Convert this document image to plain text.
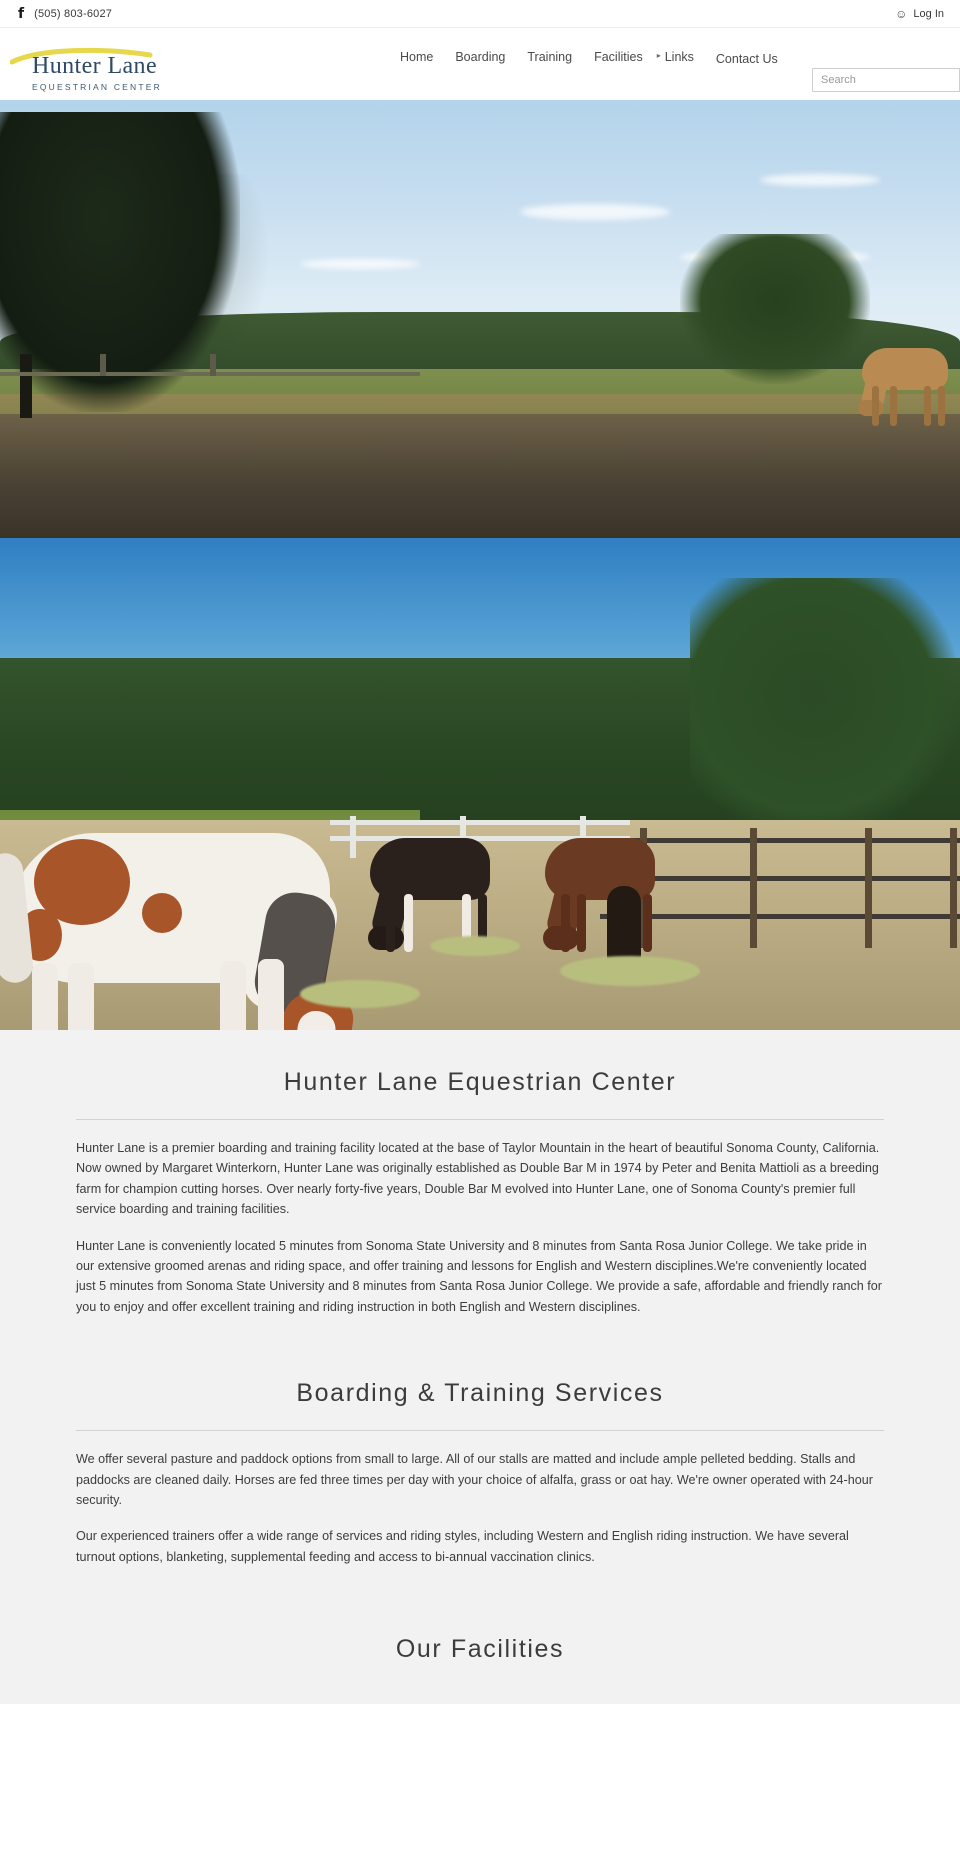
f (505) 803-6027	☺ Log In
Hunter Lane
EQUESTRIAN CENTER
Home Boarding Training Facilities ▸ Links Contact Us
Search
Hunter Lane Equestrian Center

Hunter Lane is a premier boarding and training facility located at the base of Taylor Mountain in the heart of beautiful Sonoma County, California. Now owned by Margaret Winterkorn, Hunter Lane was originally established as Double Bar M in 1974 by Peter and Benita Mattioli as a breeding farm for champion cutting horses. Over nearly forty-five years, Double Bar M evolved into Hunter Lane, one of Sonoma County's premier full service boarding and training facilities.

Hunter Lane is conveniently located 5 minutes from Sonoma State University and 8 minutes from Santa Rosa Junior College. We take pride in our extensive groomed arenas and riding space, and offer training and lessons for English and Western disciplines.We're conveniently located just 5 minutes from Sonoma State University and 8 minutes from Santa Rosa Junior College. We provide a safe, affordable and friendly ranch for you to enjoy and offer excellent training and riding instruction in both English and Western disciplines.

Boarding & Training Services

We offer several pasture and paddock options from small to large. All of our stalls are matted and include ample pelleted bedding. Stalls and paddocks are cleaned daily. Horses are fed three times per day with your choice of alfalfa, grass or oat hay. We're owner operated with 24-hour security.

Our experienced trainers offer a wide range of services and riding styles, including Western and English riding instruction. We have several turnout options, blanketing, supplemental feeding and access to bi-annual vaccination clinics.

Our Facilities
